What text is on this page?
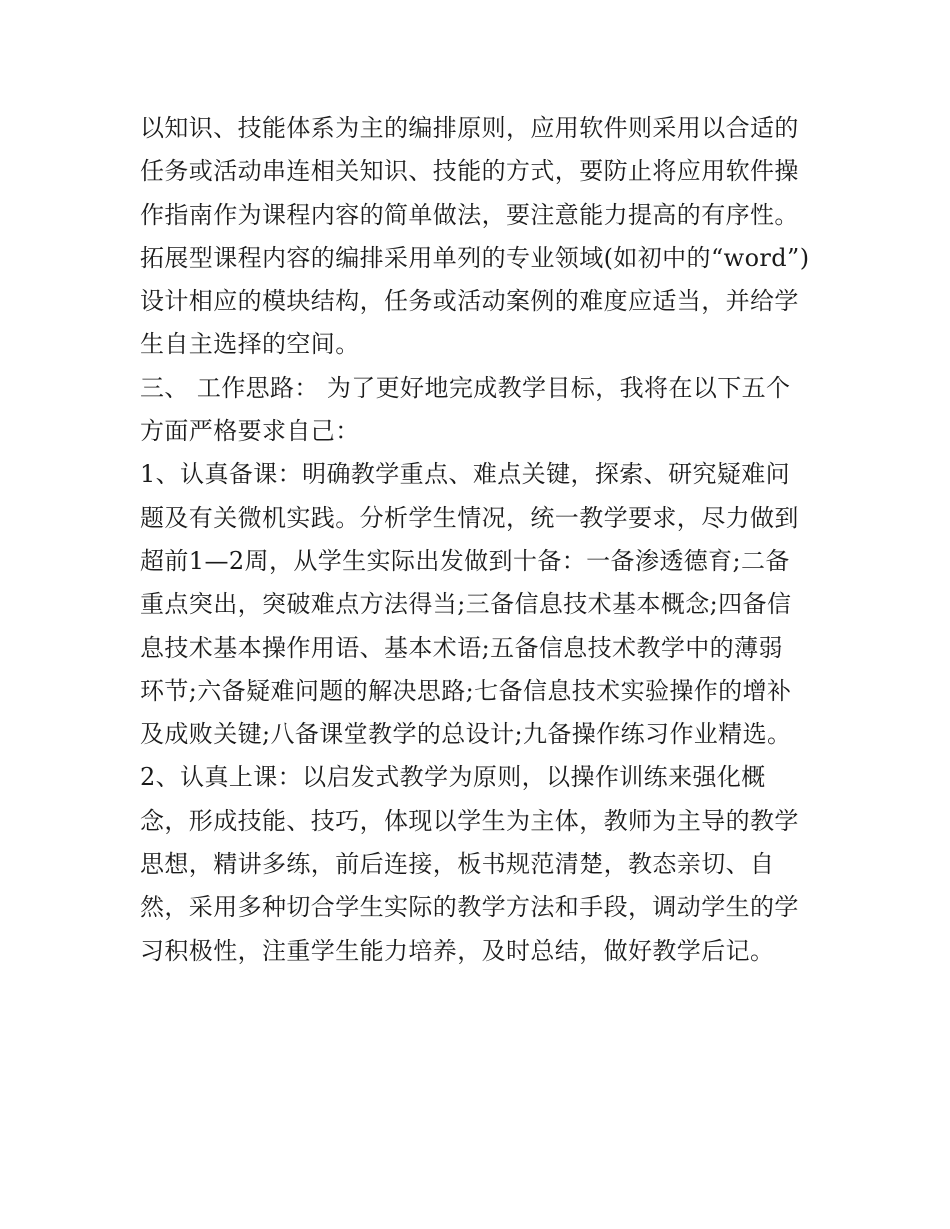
以知识、技能体系为主的编排原则，应用软件则采用以合适的
任务或活动串连相关知识、技能的方式，要防止将应用软件操
作指南作为课程内容的简单做法，要注意能力提高的有序性。
拓展型课程内容的编排采用单列的专业领域(如初中的“word”)
设计相应的模块结构，任务或活动案例的难度应适当，并给学
生自主选择的空间。
三、 工作思路： 为了更好地完成教学目标，我将在以下五个
方面严格要求自己：
1、认真备课：明确教学重点、难点关键，探索、研究疑难问
题及有关微机实践。分析学生情况，统一教学要求，尽力做到
超前1—2周，从学生实际出发做到十备：一备渗透德育;二备
重点突出，突破难点方法得当;三备信息技术基本概念;四备信
息技术基本操作用语、基本术语;五备信息技术教学中的薄弱
环节;六备疑难问题的解决思路;七备信息技术实验操作的增补
及成败关键;八备课堂教学的总设计;九备操作练习作业精选。
2、认真上课：以启发式教学为原则，以操作训练来强化概
念，形成技能、技巧，体现以学生为主体，教师为主导的教学
思想，精讲多练，前后连接，板书规范清楚，教态亲切、自
然，采用多种切合学生实际的教学方法和手段，调动学生的学
习积极性，注重学生能力培养，及时总结，做好教学后记。
